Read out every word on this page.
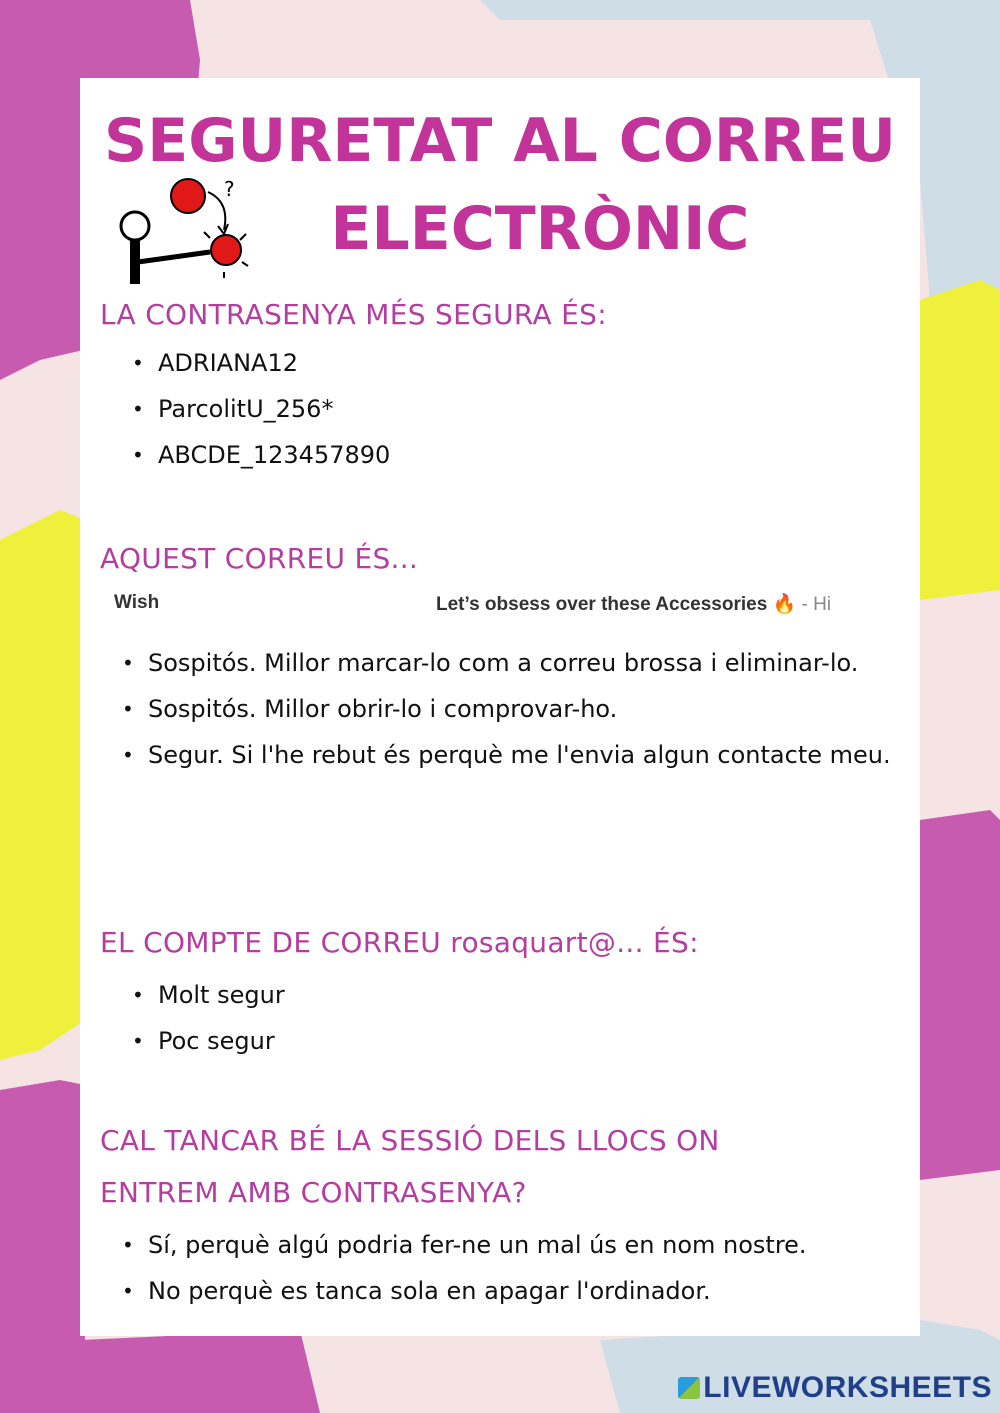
SEGURETAT AL CORREU
ELECTRÒNIC
?

LA CONTRASENYA MÉS SEGURA ÉS:

• ADRIANA12
• ParcolitU_256*
• ABCDE_123457890

AQUEST CORREU ÉS...

Wish	Let’s obsess over these Accessories 🔥 - Hi
• Sospitós. Millor marcar-lo com a correu brossa i eliminar-lo.
• Sospitós. Millor obrir-lo i comprovar-ho.
• Segur. Si l'he rebut és perquè me l'envia algun contacte meu.

EL COMPTE DE CORREU rosaquart@... ÉS:

• Molt segur
• Poc segur

CAL TANCAR BÉ LA SESSIÓ DELS LLOCS ON

ENTREM AMB CONTRASENYA?

• Sí, perquè algú podria fer-ne un mal ús en nom nostre.
• No perquè es tanca sola en apagar l'ordinador.
LIVEWORKSHEETS
